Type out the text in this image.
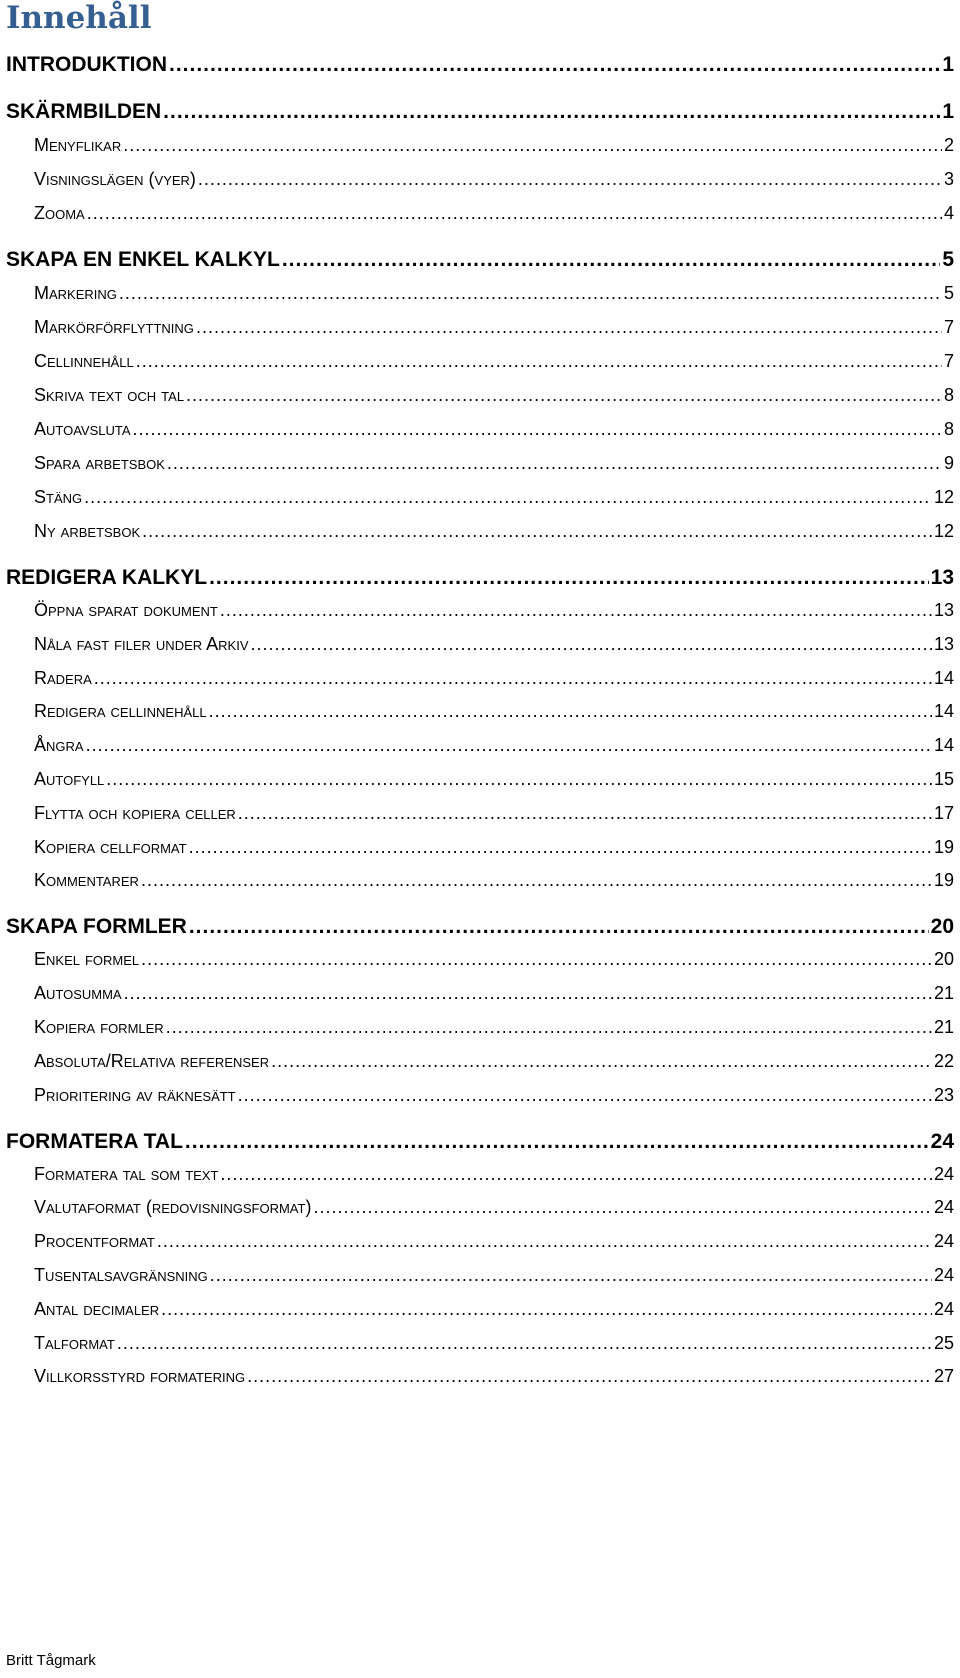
Innehåll
INTRODUKTION .....	1
SKÄRMBILDEN .....	1
Menyflikar .....	2
Visningslägen (vyer) .....	3
Zooma .....	4
SKAPA EN ENKEL KALKYL .....	5
Markering .....	5
Markörförflyttning .....	7
Cellinnehåll .....	7
Skriva text och tal .....	8
Autoavsluta .....	8
Spara arbetsbok .....	9
Stäng .....	12
Ny arbetsbok .....	12
REDIGERA KALKYL .....	13
Öppna sparat dokument .....	13
Nåla fast filer under Arkiv .....	13
Radera .....	14
Redigera cellinnehåll .....	14
Ångra .....	14
Autofyll .....	15
Flytta och kopiera celler .....	17
Kopiera cellformat .....	19
Kommentarer .....	19
SKAPA FORMLER .....	20
Enkel formel .....	20
Autosumma .....	21
Kopiera formler .....	21
Absoluta/Relativa referenser .....	22
Prioritering av räknesätt .....	23
FORMATERA TAL .....	24
Formatera tal som text .....	24
Valutaformat (redovisningsformat) .....	24
Procentformat .....	24
Tusentalsavgränsning .....	24
Antal decimaler .....	24
Talformat .....	25
Villkorsstyrd formatering .....	27
Britt Tågmark
